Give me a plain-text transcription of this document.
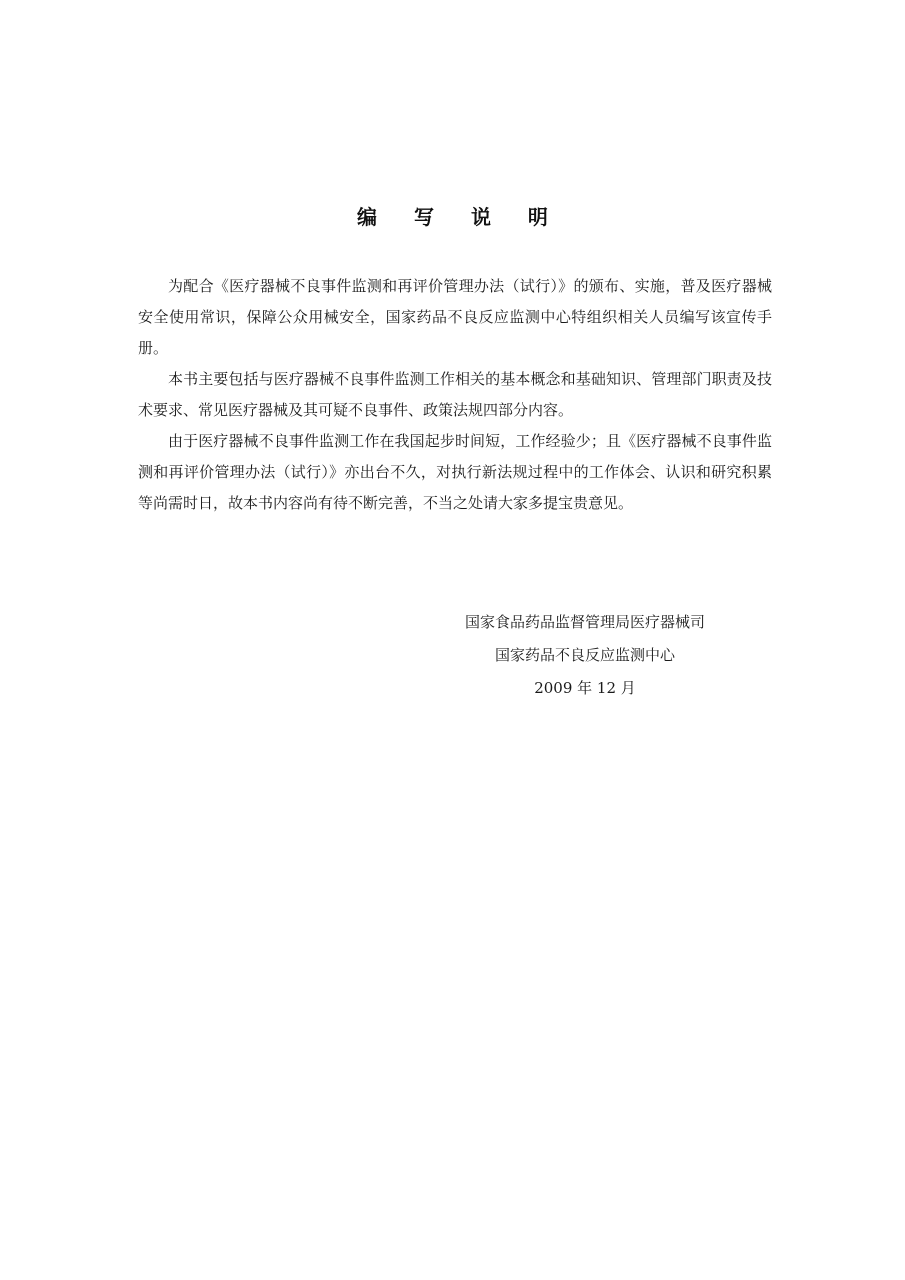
编 写 说 明

为配合《医疗器械不良事件监测和再评价管理办法（试行）》的颁布、实施，普及医疗器械安全使用常识，保障公众用械安全，国家药品不良反应监测中心特组织相关人员编写该宣传手册。

本书主要包括与医疗器械不良事件监测工作相关的基本概念和基础知识、管理部门职责及技术要求、常见医疗器械及其可疑不良事件、政策法规四部分内容。

由于医疗器械不良事件监测工作在我国起步时间短，工作经验少；且《医疗器械不良事件监测和再评价管理办法（试行）》亦出台不久，对执行新法规过程中的工作体会、认识和研究积累等尚需时日，故本书内容尚有待不断完善，不当之处请大家多提宝贵意见。

国家食品药品监督管理局医疗器械司
国家药品不良反应监测中心
2009 年 12 月
